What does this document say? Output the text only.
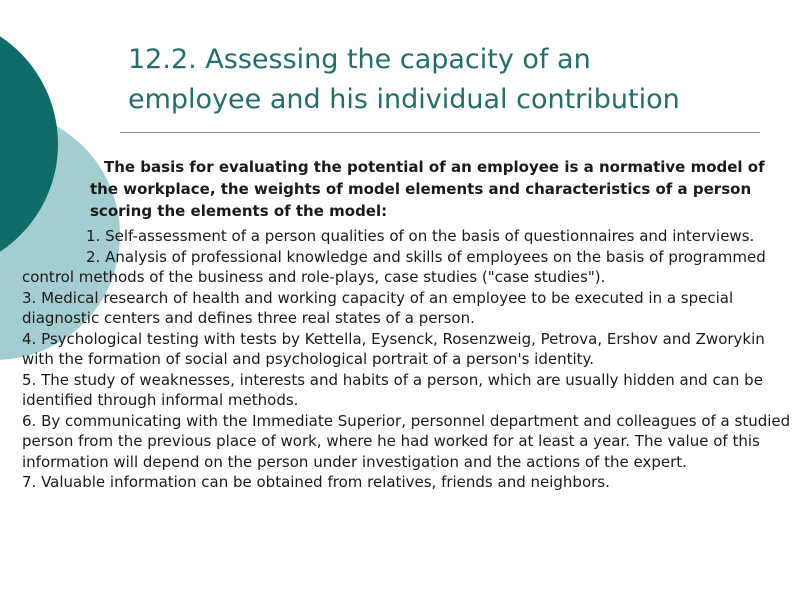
12.2. Assessing the capacity of an
employee and his individual contribution

The basis for evaluating the potential of an employee is a normative model of the workplace, the weights of model elements and characteristics of a person scoring the elements of the model:

1. Self-assessment of a person qualities of on the basis of questionnaires and interviews.

2. Analysis of professional knowledge and skills of employees on the basis of programmed control methods of the business and role-plays, case studies ("case studies").

3. Medical research of health and working capacity of an employee to be executed in a special diagnostic centers and defines three real states of a person.

4. Psychological testing with tests by Kettella, Eysenck, Rosenzweig, Petrova, Ershov and Zworykin with the formation of social and psychological portrait of a person's identity.

5. The study of weaknesses, interests and habits of a person, which are usually hidden and can be identified through informal methods.

6. By communicating with the Immediate Superior, personnel department and colleagues of a studied person from the previous place of work, where he had worked for at least a year. The value of this information will depend on the person under investigation and the actions of the expert.

7. Valuable information can be obtained from relatives, friends and neighbors.
